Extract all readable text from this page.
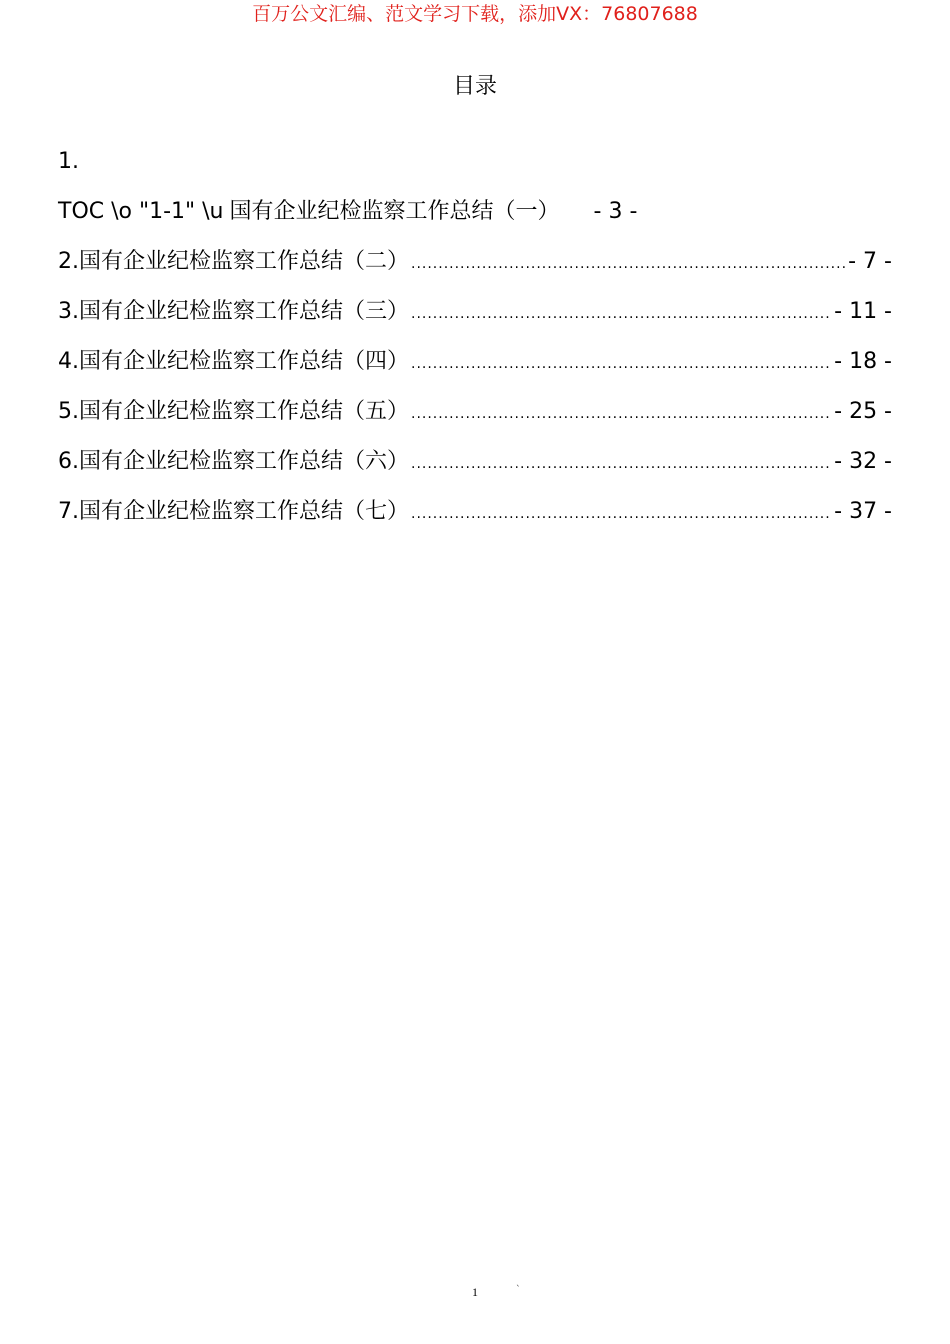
百万公文汇编、范文学习下载，添加VX：76807688
目录
1.
TOC \o "1-1" \u 国有企业纪检监察工作总结（一） - 3 -
2.国有企业纪检监察工作总结（二） .....	- 7 -
3.国有企业纪检监察工作总结（三） .....	- 11 -
4.国有企业纪检监察工作总结（四） .....	- 18 -
5.国有企业纪检监察工作总结（五） .....	- 25 -
6.国有企业纪检监察工作总结（六） .....	- 32 -
7.国有企业纪检监察工作总结（七） .....	- 37 -
1	`
